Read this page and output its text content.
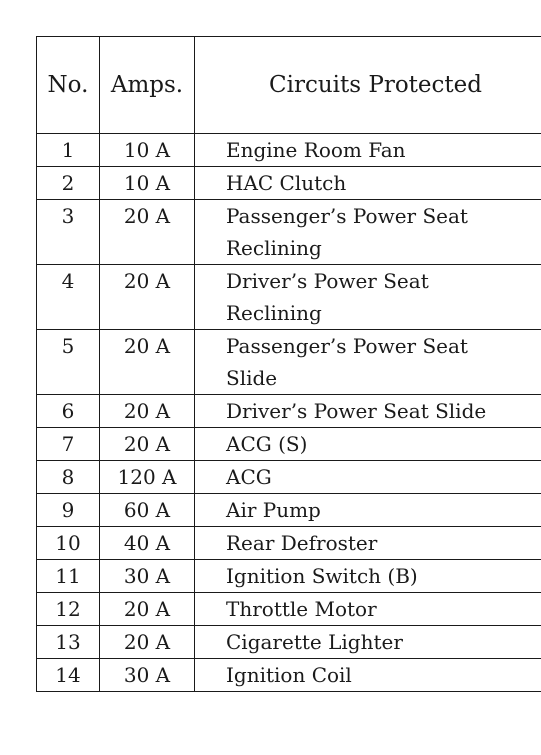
No.	Amps.	Circuits Protected
1	10 A	Engine Room Fan
2	10 A	HAC Clutch
3	20 A	Passenger’s Power Seat
Reclining
4	20 A	Driver’s Power Seat
Reclining
5	20 A	Passenger’s Power Seat
Slide
6	20 A	Driver’s Power Seat Slide
7	20 A	ACG (S)
8	120 A	ACG
9	60 A	Air Pump
10	40 A	Rear Defroster
11	30 A	Ignition Switch (B)
12	20 A	Throttle Motor
13	20 A	Cigarette Lighter
14	30 A	Ignition Coil
